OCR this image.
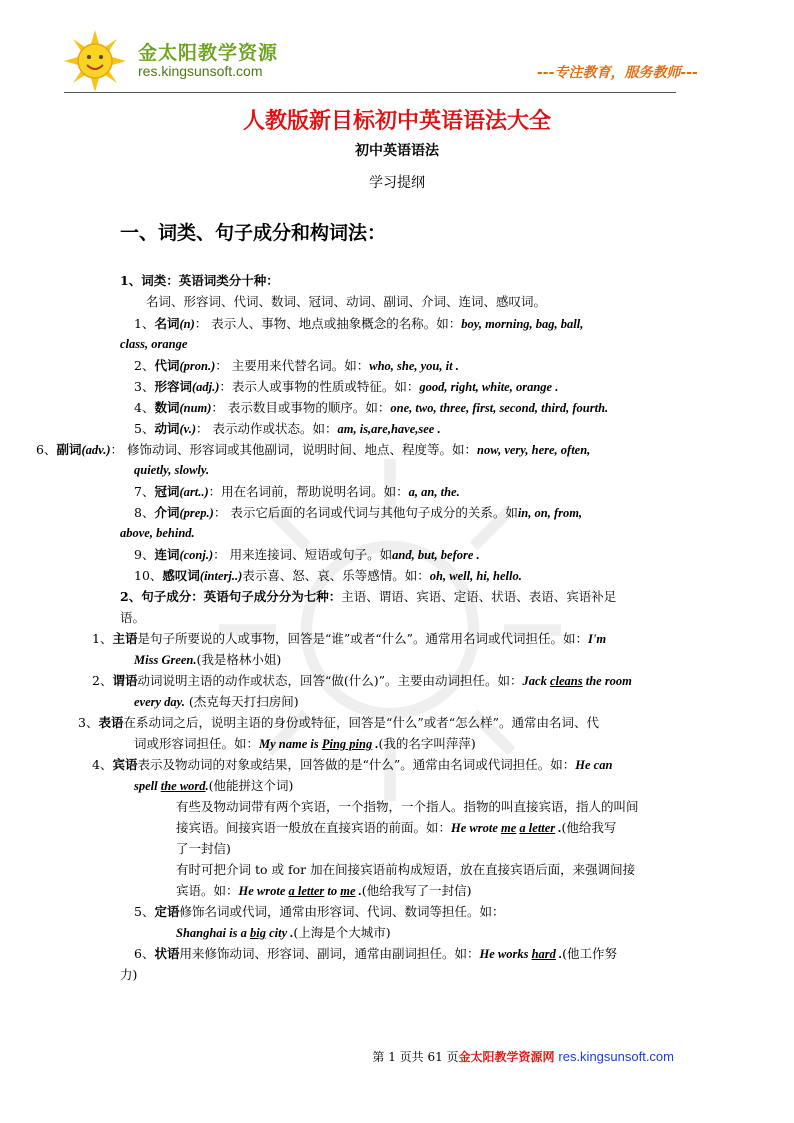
金太阳教学资源
res.kingsunsoft.com	---专注教育，服务教师---
人教版新目标初中英语语法大全
初中英语语法
学习提纲
一、词类、句子成分和构词法：
1、词类：英语词类分十种：
名词、形容词、代词、数词、冠词、动词、副词、介词、连词、感叹词。
1、名词(n)： 表示人、事物、地点或抽象概念的名称。如：boy, morning, bag, ball,
class, orange
2、代词(pron.)： 主要用来代替名词。如：who, she, you, it .
3、形容词(adj.)：表示人或事物的性质或特征。如：good, right, white, orange .
4、数词(num)： 表示数目或事物的顺序。如：one, two, three, first, second, third, fourth.
5、动词(v.)： 表示动作或状态。如：am, is,are,have,see .
6、副词(adv.)： 修饰动词、形容词或其他副词，说明时间、地点、程度等。如：now, very, here, often,
quietly, slowly.
7、冠词(art..)：用在名词前，帮助说明名词。如：a, an, the.
8、介词(prep.)： 表示它后面的名词或代词与其他句子成分的关系。如in, on, from,
above, behind.
9、连词(conj.)： 用来连接词、短语或句子。如and, but, before .
10、感叹词(interj..)表示喜、怒、哀、乐等感情。如：oh, well, hi, hello.
2、句子成分：英语句子成分分为七种：主语、谓语、宾语、定语、状语、表语、宾语补足
语。
1、主语是句子所要说的人或事物，回答是“谁”或者“什么”。通常用名词或代词担任。如：I'm
Miss Green.(我是格林小姐)
2、谓语动词说明主语的动作或状态，回答“做(什么)”。主要由动词担任。如：Jack cleans the room
every day. (杰克每天打扫房间)
3、表语在系动词之后，说明主语的身份或特征，回答是“什么”或者“怎么样”。通常由名词、代
词或形容词担任。如：My name is Ping ping .(我的名字叫萍萍)
4、宾语表示及物动词的对象或结果，回答做的是“什么”。通常由名词或代词担任。如：He can
spell the word.(他能拼这个词)
有些及物动词带有两个宾语，一个指物，一个指人。指物的叫直接宾语，指人的叫间
接宾语。间接宾语一般放在直接宾语的前面。如：He wrote me a letter .(他给我写
了一封信)
有时可把介词 to 或 for 加在间接宾语前构成短语，放在直接宾语后面，来强调间接
宾语。如：He wrote a letter to me .(他给我写了一封信)
5、定语修饰名词或代词，通常由形容词、代词、数词等担任。如：
Shanghai is a big city .(上海是个大城市)
6、状语用来修饰动词、形容词、副词，通常由副词担任。如：He works hard .(他工作努
力)
第 1 页共 61 页金太阳教学资源网 res.kingsunsoft.com
